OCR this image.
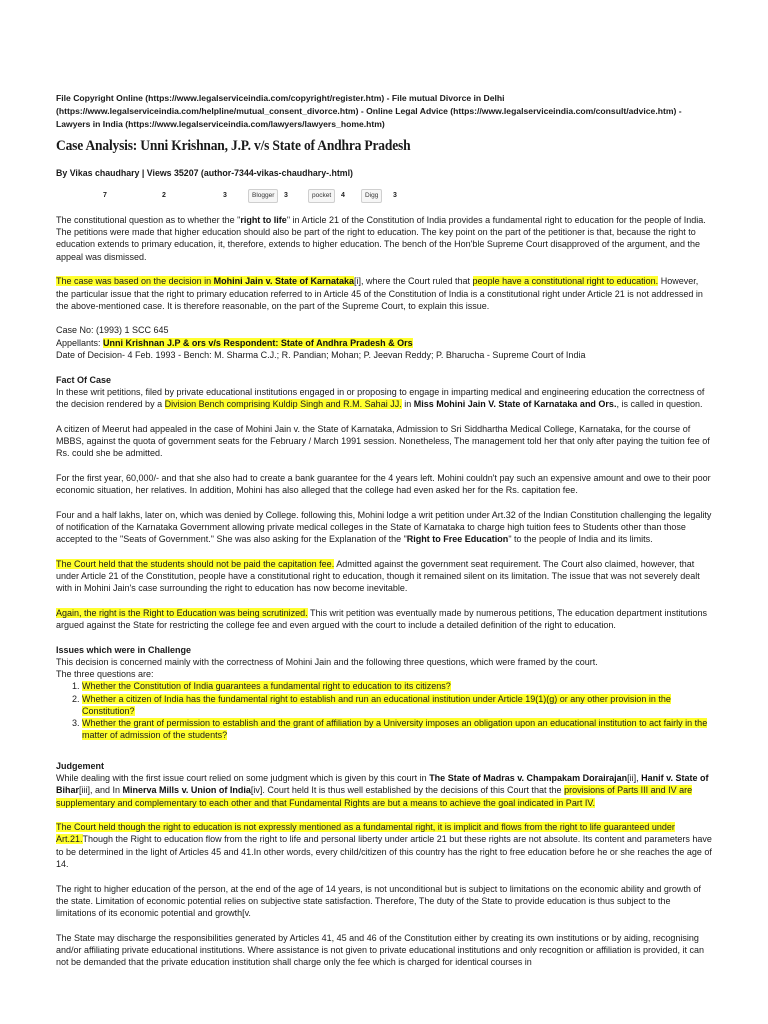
File Copyright Online (https://www.legalserviceindia.com/copyright/register.htm) - File mutual Divorce in Delhi (https://www.legalserviceindia.com/helpline/mutual_consent_divorce.htm) - Online Legal Advice (https://www.legalserviceindia.com/consult/advice.htm) - Lawyers in India (https://www.legalserviceindia.com/lawyers/lawyers_home.htm)
Case Analysis: Unni Krishnan, J.P. v/s State of Andhra Pradesh
By Vikas chaudhary | Views 35207 (author-7344-vikas-chaudhary-.html)
7	2	3	Blogger	3	pocket	4	Digg	3

The constitutional question as to whether the "right to life" in Article 21 of the Constitution of India provides a fundamental right to education for the people of India. The petitions were made that higher education should also be part of the right to education. The key point on the part of the petitioner is that, because the right to education extends to primary education, it, therefore, extends to higher education. The bench of the Hon'ble Supreme Court disapproved of the argument, and the appeal was dismissed.

The case was based on the decision in Mohini Jain v. State of Karnataka[i], where the Court ruled that people have a constitutional right to education. However, the particular issue that the right to primary education referred to in Article 45 of the Constitution of India is a constitutional right under Article 21 is not addressed in the above-mentioned case. It is therefore reasonable, on the part of the Supreme Court, to explain this issue.

Case No: (1993) 1 SCC 645
Appellants: Unni Krishnan J.P & ors v/s Respondent: State of Andhra Pradesh & Ors
Date of Decision- 4 Feb. 1993 - Bench: M. Sharma C.J.; R. Pandian; Mohan; P. Jeevan Reddy; P. Bharucha - Supreme Court of India
Fact Of Case

In these writ petitions, filed by private educational institutions engaged in or proposing to engage in imparting medical and engineering education the correctness of the decision rendered by a Division Bench comprising Kuldip Singh and R.M. Sahai JJ. in Miss Mohini Jain V. State of Karnataka and Ors., is called in question.

A citizen of Meerut had appealed in the case of Mohini Jain v. the State of Karnataka, Admission to Sri Siddhartha Medical College, Karnataka, for the course of MBBS, against the quota of government seats for the February / March 1991 session. Nonetheless, The management told her that only after paying the tuition fee of Rs. could she be admitted.

For the first year, 60,000/- and that she also had to create a bank guarantee for the 4 years left. Mohini couldn't pay such an expensive amount and owe to their poor economic situation, her relatives. In addition, Mohini has also alleged that the college had even asked her for the Rs. capitation fee.

Four and a half lakhs, later on, which was denied by College. following this, Mohini lodge a writ petition under Art.32 of the Indian Constitution challenging the legality of notification of the Karnataka Government allowing private medical colleges in the State of Karnataka to charge high tuition fees to Students other than those accepted to the "Seats of Government." She was also asking for the Explanation of the "Right to Free Education" to the people of India and its limits.

The Court held that the students should not be paid the capitation fee. Admitted against the government seat requirement. The Court also claimed, however, that under Article 21 of the Constitution, people have a constitutional right to education, though it remained silent on its limitation. The issue that was not severely dealt with in Mohini Jain's case surrounding the right to education has now become inevitable.

Again, the right is the Right to Education was being scrutinized. This writ petition was eventually made by numerous petitions, The education department institutions argued against the State for restricting the college fee and even argued with the court to include a detailed definition of the right to education.

Issues which were in Challenge
This decision is concerned mainly with the correctness of Mohini Jain and the following three questions, which were framed by the court.
The three questions are:
1. Whether the Constitution of India guarantees a fundamental right to education to its citizens?
2. Whether a citizen of India has the fundamental right to establish and run an educational institution under Article 19(1)(g) or any other provision in the Constitution?
3. Whether the grant of permission to establish and the grant of affiliation by a University imposes an obligation upon an educational institution to act fairly in the matter of admission of the students?
Judgement

While dealing with the first issue court relied on some judgment which is given by this court in The State of Madras v. Champakam Dorairajan[ii], Hanif v. State of Bihar[iii], and In Minerva Mills v. Union of India[iv]. Court held It is thus well established by the decisions of this Court that the provisions of Parts III and IV are supplementary and complementary to each other and that Fundamental Rights are but a means to achieve the goal indicated in Part IV.

The Court held though the right to education is not expressly mentioned as a fundamental right, it is implicit and flows from the right to life guaranteed under Art.21.Though the Right to education flow from the right to life and personal liberty under article 21 but these rights are not absolute. Its content and parameters have to be determined in the light of Articles 45 and 41.In other words, every child/citizen of this country has the right to free education before he or she reaches the age of 14.

The right to higher education of the person, at the end of the age of 14 years, is not unconditional but is subject to limitations on the economic ability and growth of the state. Limitation of economic potential relies on subjective state satisfaction. Therefore, The duty of the State to provide education is thus subject to the limitations of its economic potential and growth[v.

The State may discharge the responsibilities generated by Articles 41, 45 and 46 of the Constitution either by creating its own institutions or by aiding, recognising and/or affiliating private educational institutions. Where assistance is not given to private educational institutions and only recognition or affiliation is provided, it can not be demanded that the private education institution shall charge only the fee which is charged for identical courses in
